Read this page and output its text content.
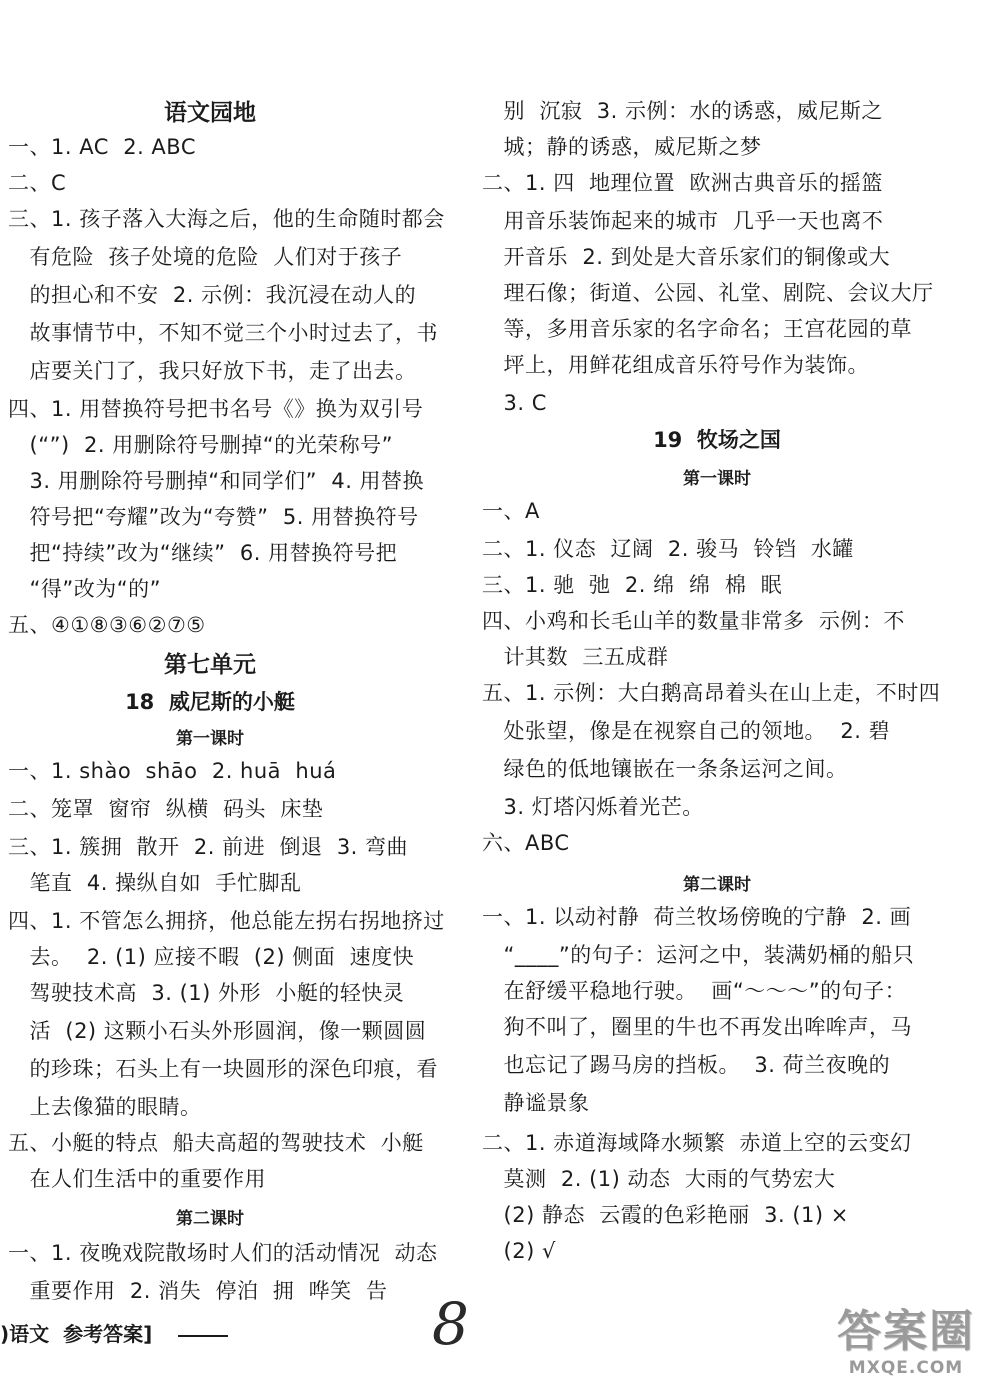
语文园地
一、1. AC  2. ABC
二、C
三、1. 孩子落入大海之后，他的生命随时都会
有危险  孩子处境的危险  人们对于孩子
的担心和不安  2. 示例：我沉浸在动人的
故事情节中，不知不觉三个小时过去了，书
店要关门了，我只好放下书，走了出去。
四、1. 用替换符号把书名号《》换为双引号
(“”)  2. 用删除符号删掉“的光荣称号”
3. 用删除符号删掉“和同学们”  4. 用替换
符号把“夸耀”改为“夸赞”  5. 用替换符号
把“持续”改为“继续”  6. 用替换符号把
“得”改为“的”
五、④①⑧③⑥②⑦⑤
第七单元
18  威尼斯的小艇
第一课时
一、1. shào  shāo  2. huā  huá
二、笼罩  窗帘  纵横  码头  床垫
三、1. 簇拥  散开  2. 前进  倒退  3. 弯曲
笔直  4. 操纵自如  手忙脚乱
四、1. 不管怎么拥挤，他总能左拐右拐地挤过
去。  2. (1) 应接不暇  (2) 侧面  速度快
驾驶技术高  3. (1) 外形  小艇的轻快灵
活  (2) 这颗小石头外形圆润，像一颗圆圆
的珍珠；石头上有一块圆形的深色印痕，看
上去像猫的眼睛。
五、小艇的特点  船夫高超的驾驶技术  小艇
在人们生活中的重要作用
第二课时
一、1. 夜晚戏院散场时人们的活动情况  动态
重要作用  2. 消失  停泊  拥  哗笑  告
别  沉寂  3. 示例：水的诱惑，威尼斯之
城；静的诱惑，威尼斯之梦
二、1. 四  地理位置  欧洲古典音乐的摇篮
用音乐装饰起来的城市  几乎一天也离不
开音乐  2. 到处是大音乐家们的铜像或大
理石像；街道、公园、礼堂、剧院、会议大厅
等，多用音乐家的名字命名；王宫花园的草
坪上，用鲜花组成音乐符号作为装饰。
3. C
19  牧场之国
第一课时
一、A
二、1. 仪态  辽阔  2. 骏马  铃铛  水罐
三、1. 驰  弛  2. 绵  绵  棉  眠
四、小鸡和长毛山羊的数量非常多  示例：不
计其数  三五成群
五、1. 示例：大白鹅高昂着头在山上走，不时四
处张望，像是在视察自己的领地。  2. 碧
绿色的低地镶嵌在一条条运河之间。
3. 灯塔闪烁着光芒。
六、ABC
第二课时
一、1. 以动衬静  荷兰牧场傍晚的宁静  2. 画
“____”的句子：运河之中，装满奶桶的船只
在舒缓平稳地行驶。  画“～～～”的句子：
狗不叫了，圈里的牛也不再发出哞哞声，马
也忘记了踢马房的挡板。  3. 荷兰夜晚的
静谧景象
二、1. 赤道海域降水频繁  赤道上空的云变幻
莫测  2. (1) 动态  大雨的气势宏大
(2) 静态  云霞的色彩艳丽  3. (1) ×
(2) √
)语文  参考答案]	8	答案圈
MXQE.COM
